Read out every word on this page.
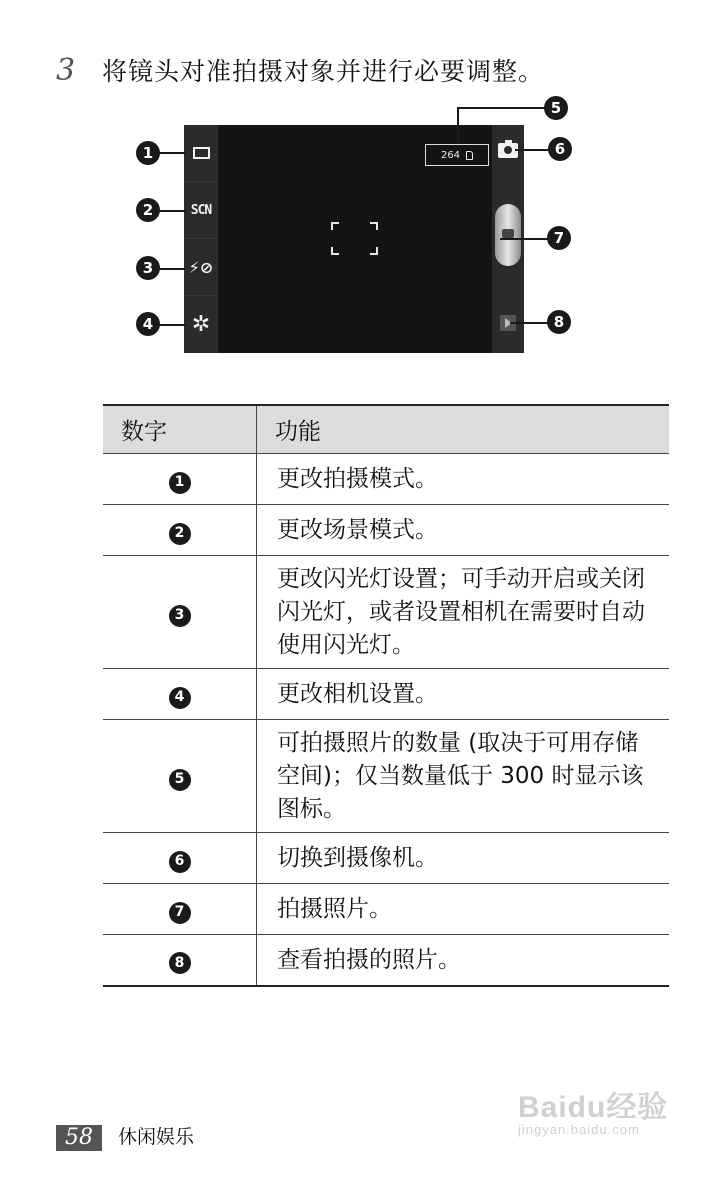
3	将镜头对准拍摄对象并进行必要调整。
SCN
⚡⊘
✲
264
1
2
3
4
5
6
7
8
数字	功能
1	更改拍摄模式。
2	更改场景模式。
3	更改闪光灯设置；可手动开启或关闭闪光灯，或者设置相机在需要时自动使用闪光灯。
4	更改相机设置。
5	可拍摄照片的数量 (取决于可用存储空间)；仅当数量低于 300 时显示该图标。
6	切换到摄像机。
7	拍摄照片。
8	查看拍摄的照片。
58	休闲娱乐
Baidu经验
jingyan.baidu.com
